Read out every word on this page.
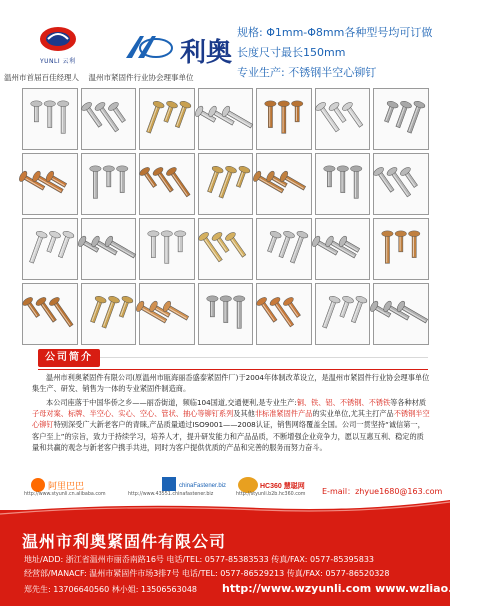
YUNLI 云利	利奥
温州市首届百佳经理人 温州市紧固件行业协会理事单位
规格: Φ1mm-Φ8mm各种型号均可订做
长度尺寸最长150mm
专业生产: 不锈钢半空心铆钉
公司简介
温州市利奥紧固件有限公司(原温州市瓯海丽岙盛泰紧固件厂)于2004年体制改革设立，是温州市紧固件行业协会理事单位集生产、研发、销售为一体的专业紧固件制造商。
本公司座落于中国华侨之乡——丽岙街道，频临104国道,交通便利,是专业生产:铜、铁、铝、不锈钢、不锈铁等各种材质子母对案、标牌、半空心、实心、空心、管状、抽心等铆钉系列及其他非标准紧固件产品的实业单位,尤其主打产品不锈钢半空心铆钉特别深受广大新老客户的青睐,产品质量通过ISO9001——2008认证，销售网络覆盖全国。公司一贯坚持“诚信第一，客户至上”的宗旨，致力于持续学习，培养人才，提升研发能力和产品品质，不断增强企业竞争力，愿以互惠互利、稳定的质量和共赢的观念与新老客户携手共进，同时为客户提供优质的产品和完善的服务而努力奋斗。
阿里巴巴
http://www.styunli.cn.alibaba.com
chinaFastener.biz
http://www.43551.chinafastener.biz
HC360 慧聪网
http://styunli.b2b.hc360.com E-mail：zhyue1680@163.com
温州市利奥紧固件有限公司
地址/ADD: 浙江省温州市丽岙南路16号 电话/TEL: 0577-85383533 传真/FAX: 0577-85395833
经营部/MANACF: 温州市紧固件市场3排7号 电话/TEL: 0577-86529213 传真/FAX: 0577-86520328
郑先生: 13706640560 林小姐: 13506563048 http://www.wzyunli.com www.wzliao.com
